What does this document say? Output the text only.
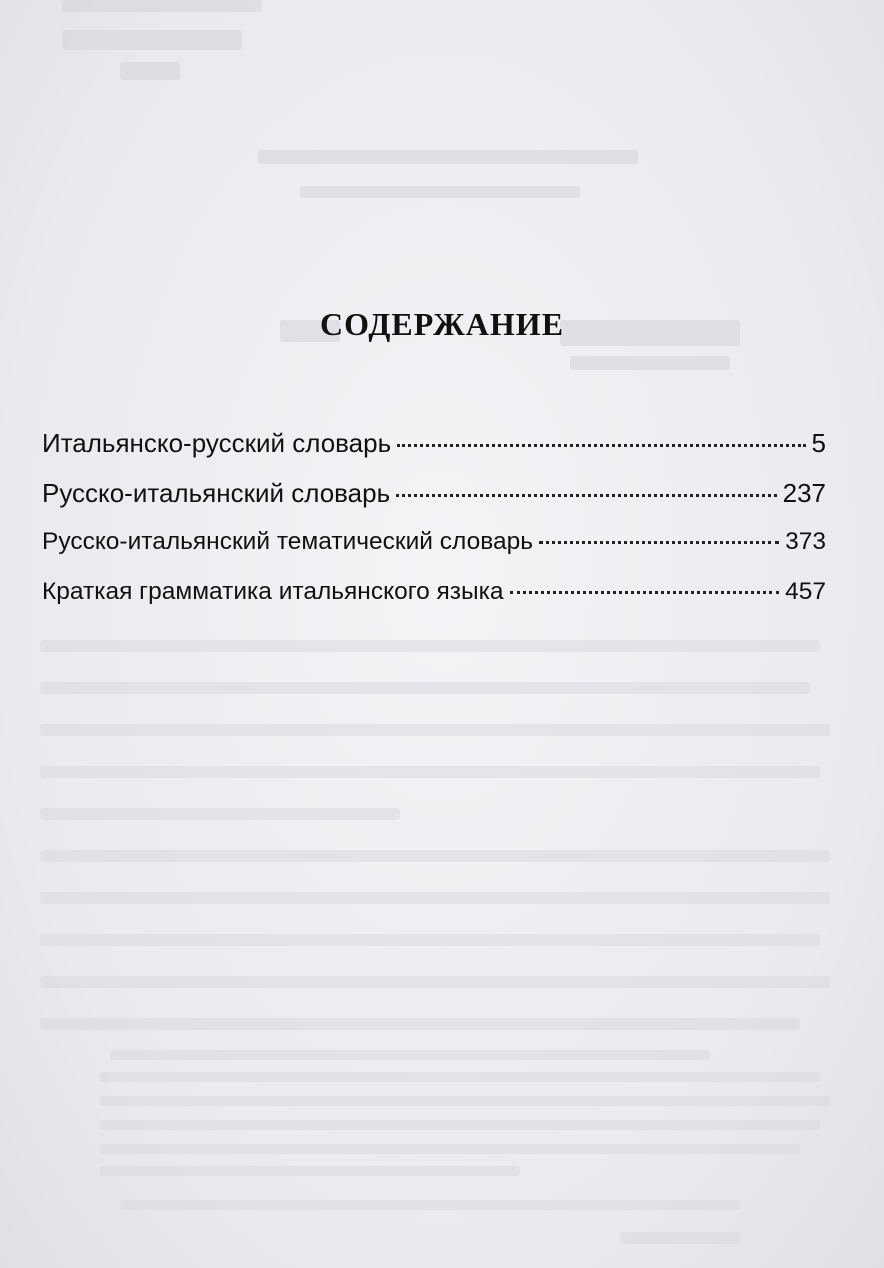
СОДЕРЖАНИЕ
Итальянско-русский словарь	5
Русско-итальянский словарь	237
Русско-итальянский тематический словарь	373
Краткая грамматика итальянского языка	457
